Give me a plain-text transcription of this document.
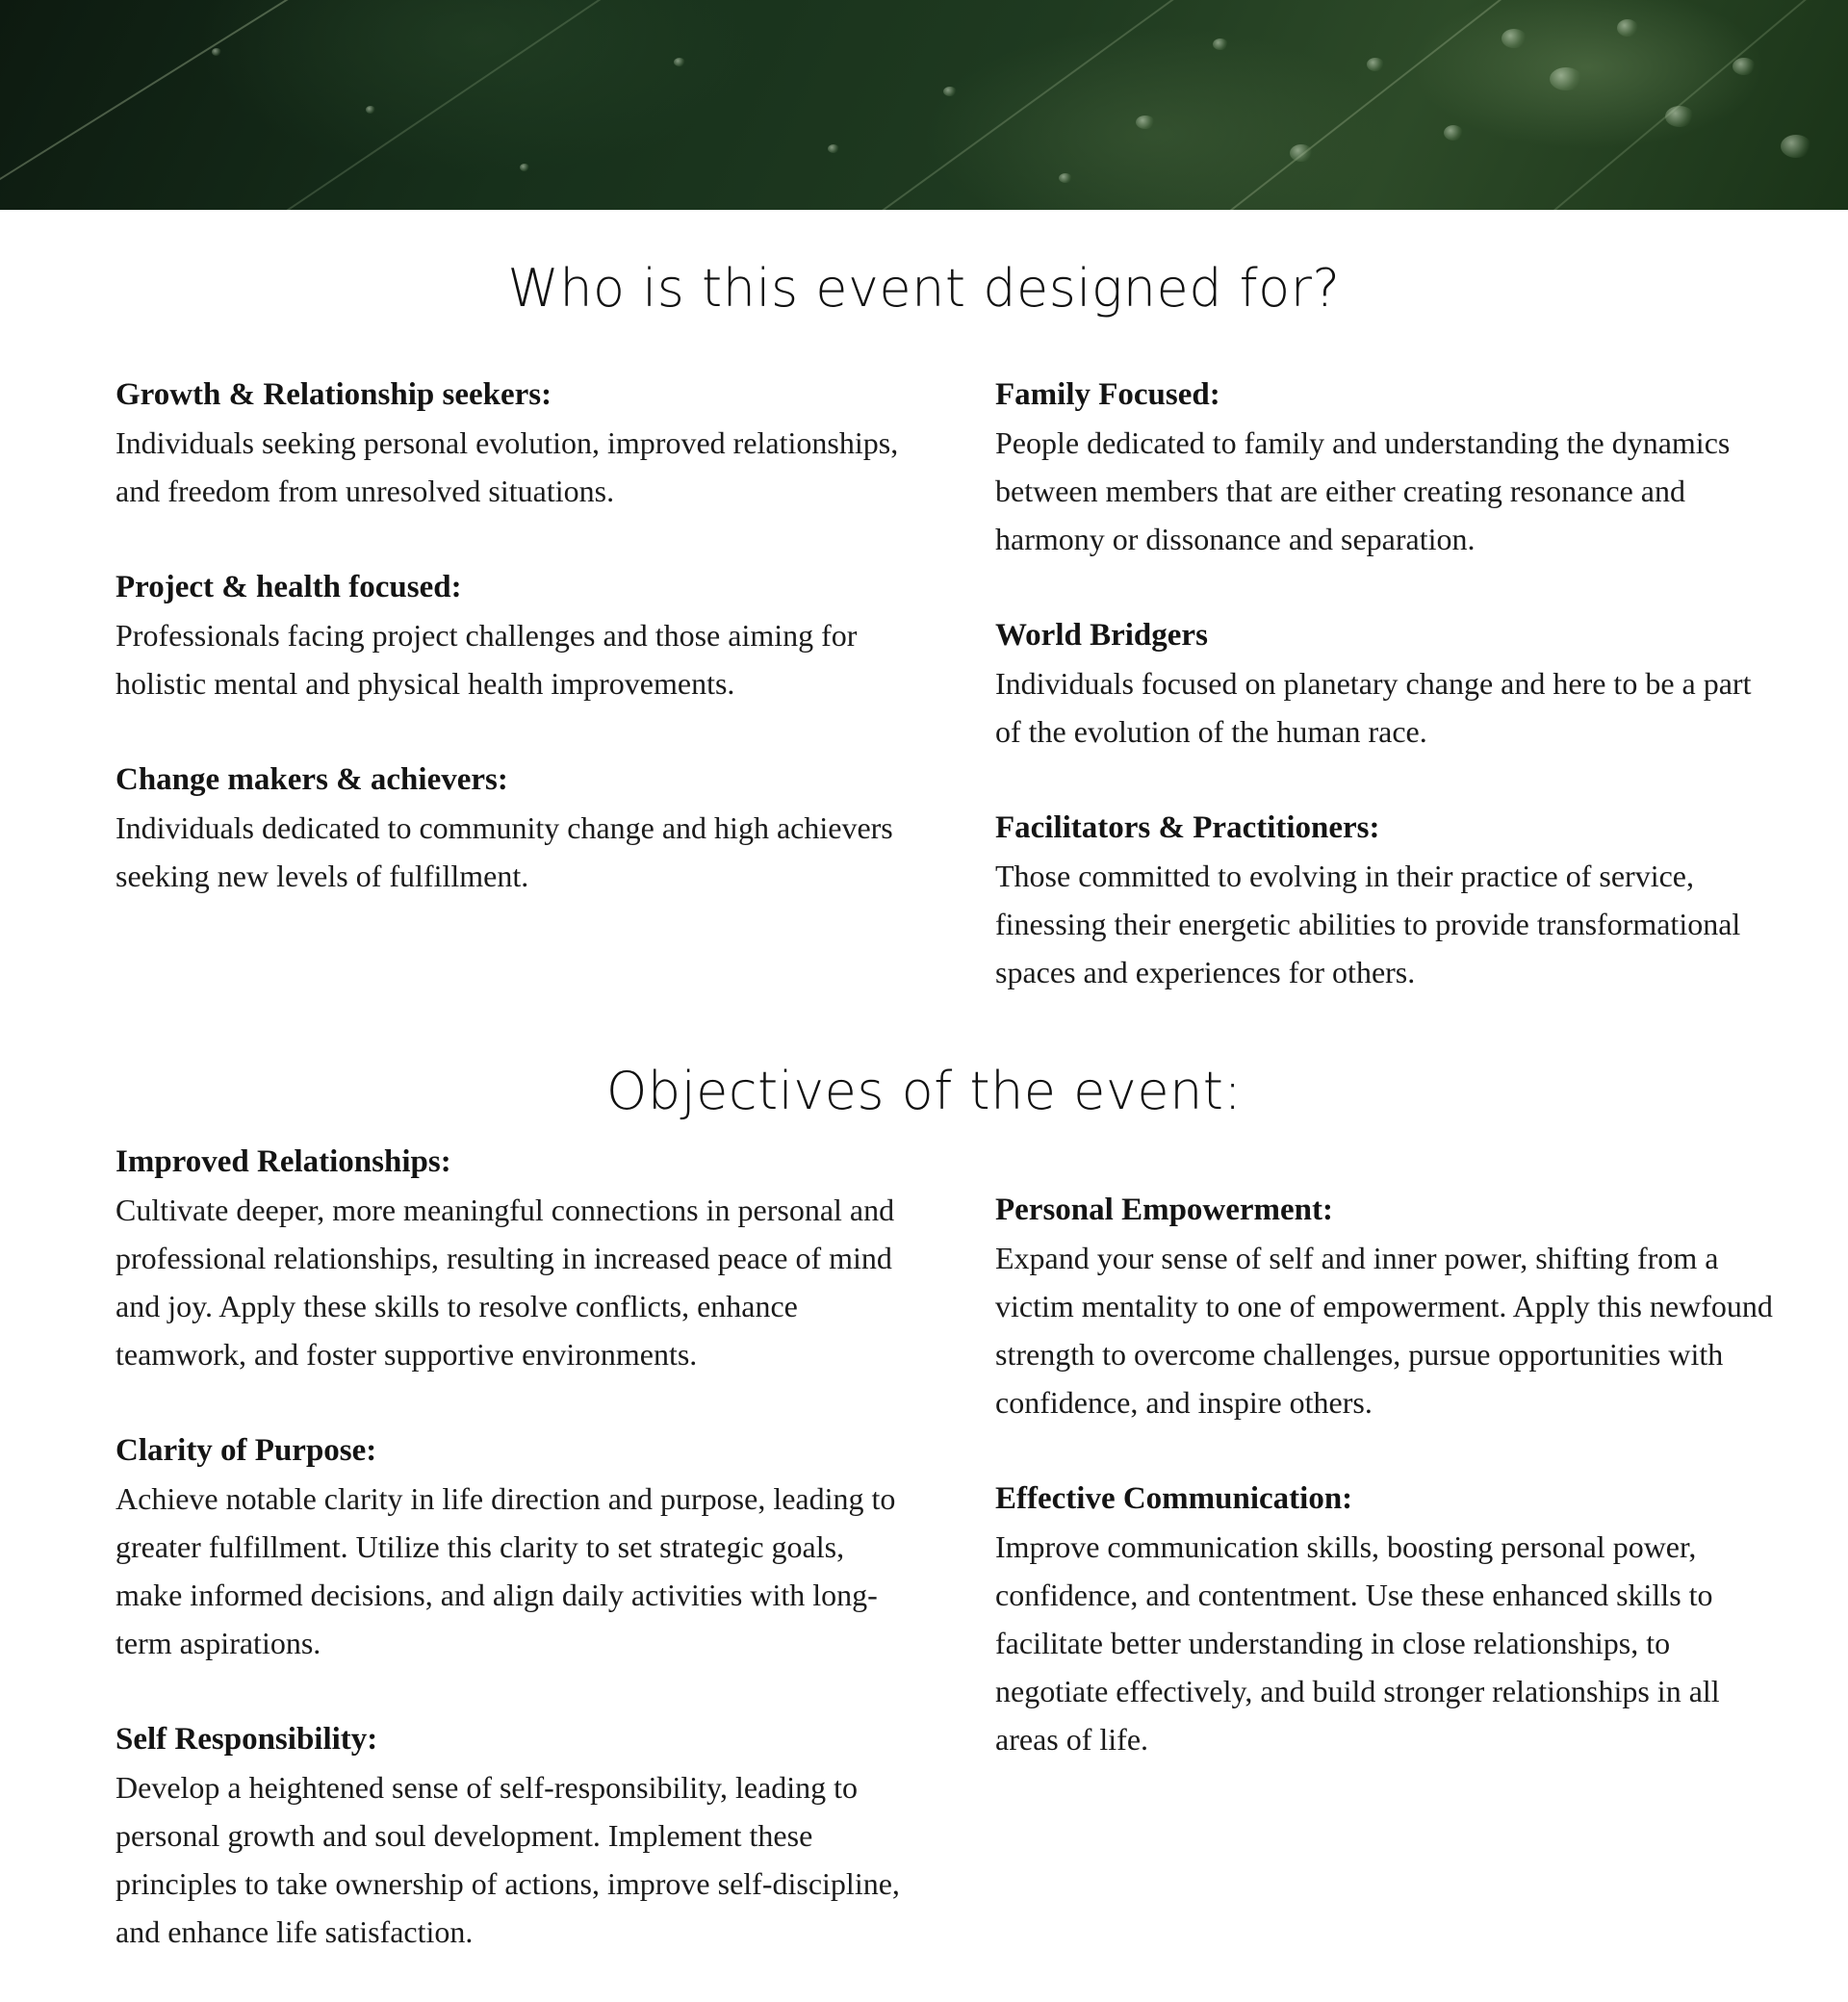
Who is this event designed for?
Growth & Relationship seekers:

Individuals seeking personal evolution, improved relationships, and freedom from unresolved situations.

Project & health focused:

Professionals facing project challenges and those aiming for holistic mental and physical health improvements.

Change makers & achievers:

Individuals dedicated to community change and high achievers seeking new levels of fulfillment.

Family Focused:

People dedicated to family and understanding the dynamics between members that are either creating resonance and harmony or dissonance and separation.

World Bridgers

Individuals focused on planetary change and here to be a part of the evolution of the human race.

Facilitators & Practitioners:

Those committed to evolving in their practice of service, finessing their energetic abilities to provide transformational spaces and experiences for others.

Objectives of the event:
Improved Relationships:

Cultivate deeper, more meaningful connections in personal and professional relationships, resulting in increased peace of mind and joy. Apply these skills to resolve conflicts, enhance teamwork, and foster supportive environments.

Clarity of Purpose:

Achieve notable clarity in life direction and purpose, leading to greater fulfillment. Utilize this clarity to set strategic goals, make informed decisions, and align daily activities with long-term aspirations.

Self Responsibility:

Develop a heightened sense of self-responsibility, leading to personal growth and soul development. Implement these principles to take ownership of actions, improve self-discipline, and enhance life satisfaction.

Personal Empowerment:

Expand your sense of self and inner power, shifting from a victim mentality to one of empowerment. Apply this newfound strength to overcome challenges, pursue opportunities with confidence, and inspire others.

Effective Communication:

Improve communication skills, boosting personal power, confidence, and contentment. Use these enhanced skills to facilitate better understanding in close relationships, to negotiate effectively, and build stronger relationships in all areas of life.
